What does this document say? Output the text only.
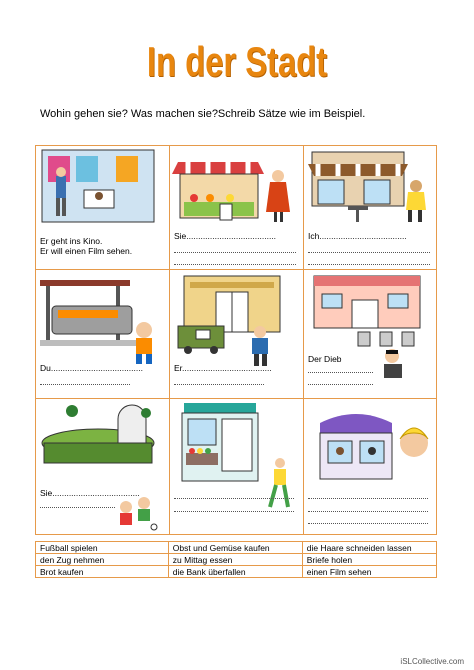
In der Stadt
Wohin gehen sie? Was machen sie?Schreib Sätze wie im Beispiel.
Er geht ins Kino.
Er will einen Film sehen.
Sie......................................	Ich.....................................
Du.......................................	Er......................................
Der Dieb
Sie.....................................
Fußball spielen	Obst und Gemüse kaufen	die Haare schneiden lassen
den Zug nehmen	zu Mittag essen	Briefe holen
Brot kaufen	die Bank überfallen	einen Film sehen
iSLCollective.com
